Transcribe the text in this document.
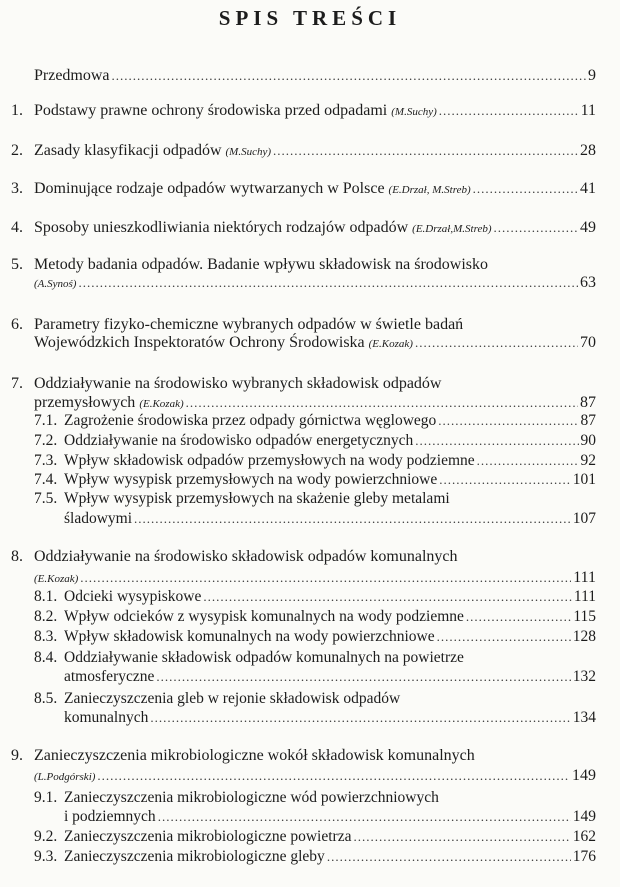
SPIS TREŚCI
Przedmowa .....	9
1. Podstawy prawne ochrony środowiska przed odpadami (M.Suchy) .....	11
2. Zasady klasyfikacji odpadów (M.Suchy) .....	28
3. Dominujące rodzaje odpadów wytwarzanych w Polsce (E.Drzał, M.Streb) .....	41
4. Sposoby unieszkodliwiania niektórych rodzajów odpadów (E.Drzał,M.Streb) .....	49
5. Metody badania odpadów. Badanie wpływu składowisk na środowisko
(A.Synoś) .....	63
6. Parametry fizyko-chemiczne wybranych odpadów w świetle badań
Wojewódzkich Inspektoratów Ochrony Środowiska (E.Kozak) .....	70
7. Oddziaływanie na środowisko wybranych składowisk odpadów
przemysłowych (E.Kozak) .....	87
7.1. Zagrożenie środowiska przez odpady górnictwa węglowego .....	87
7.2. Oddziaływanie na środowisko odpadów energetycznych .....	90
7.3. Wpływ składowisk odpadów przemysłowych na wody podziemne .....	92
7.4. Wpływ wysypisk przemysłowych na wody powierzchniowe .....	101
7.5. Wpływ wysypisk przemysłowych na skażenie gleby metalami
śladowymi .....	107
8. Oddziaływanie na środowisko składowisk odpadów komunalnych
(E.Kozak) .....	111
8.1. Odcieki wysypiskowe .....	111
8.2. Wpływ odcieków z wysypisk komunalnych na wody podziemne .....	115
8.3. Wpływ składowisk komunalnych na wody powierzchniowe .....	128
8.4. Oddziaływanie składowisk odpadów komunalnych na powietrze
atmosferyczne .....	132
8.5. Zanieczyszczenia gleb w rejonie składowisk odpadów
komunalnych .....	134
9. Zanieczyszczenia mikrobiologiczne wokół składowisk komunalnych
(L.Podgórski) .....	149
9.1. Zanieczyszczenia mikrobiologiczne wód powierzchniowych
i podziemnych .....	149
9.2. Zanieczyszczenia mikrobiologiczne powietrza .....	162
9.3. Zanieczyszczenia mikrobiologiczne gleby .....	176
